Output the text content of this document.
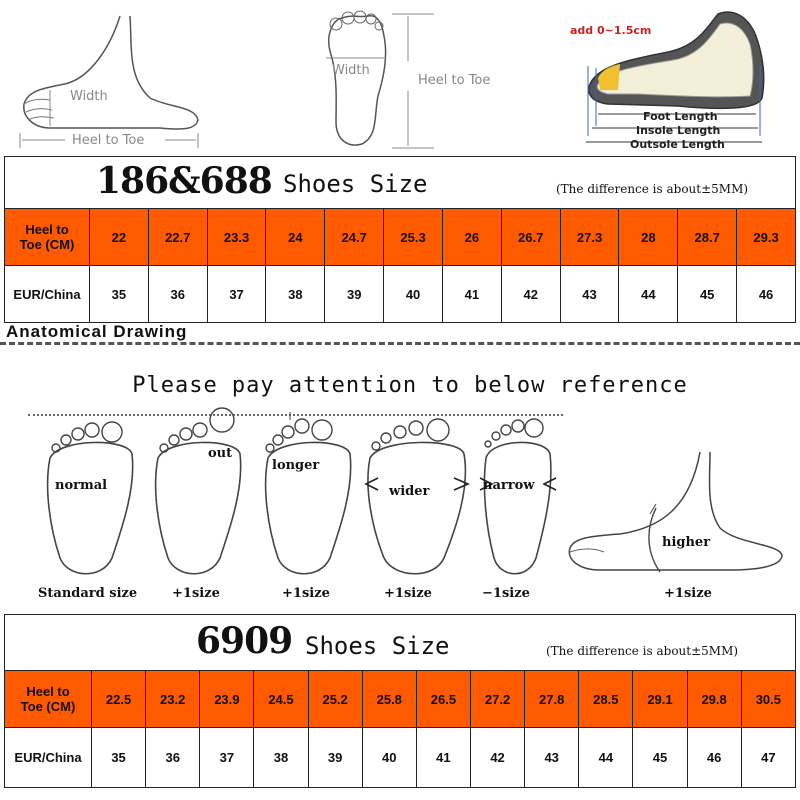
Width
Heel to Toe
Width
Heel to Toe
add 0~1.5cm
Foot Length
Insole Length
Outsole Length
186&688 Shoes Size	(The difference is about±5MM)
Heel to
Toe (CM)	22	22.7	23.3	24	24.7	25.3	26	26.7	27.3	28	28.7	29.3
EUR/China	35	36	37	38	39	40	41	42	43	44	45	46
Anatomical Drawing
Please pay attention to below reference
normal
out
longer
wider	narrow
higher
Standard size	+1size	+1size	+1size	−1size	+1size
6909 Shoes Size	(The difference is about±5MM)
Heel to
Toe (CM)	22.5	23.2	23.9	24.5	25.2	25.8	26.5	27.2	27.8	28.5	29.1	29.8	30.5
EUR/China	35	36	37	38	39	40	41	42	43	44	45	46	47
